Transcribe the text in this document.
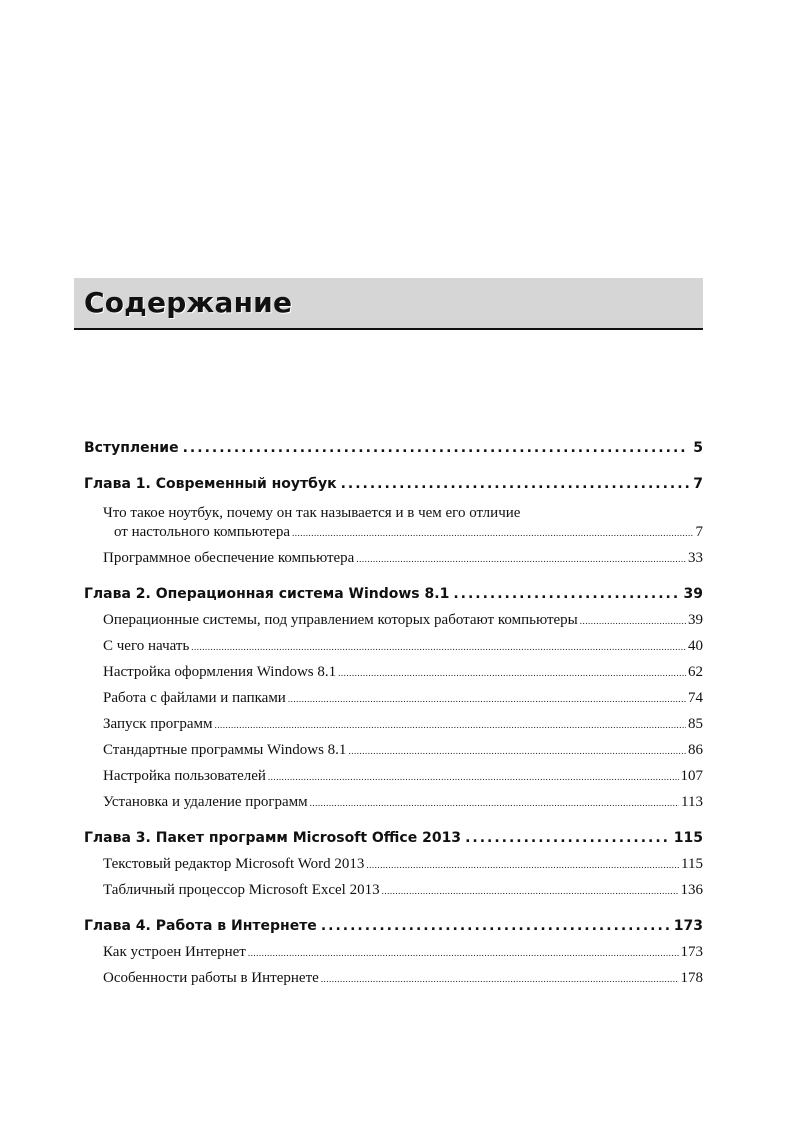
Содержание
Вступление .....	5
Глава 1. Современный ноутбук .....	7
Что такое ноутбук, почему он так называется и в чем его отличие
от настольного компьютера .....	7
Программное обеспечение компьютера .....	33
Глава 2. Операционная система Windows 8.1 .....	39
Операционные системы, под управлением которых работают компьютеры .....	39
С чего начать .....	40
Настройка оформления Windows 8.1 .....	62
Работа с файлами и папками .....	74
Запуск программ .....	85
Стандартные программы Windows 8.1 .....	86
Настройка пользователей .....	107
Установка и удаление программ .....	113
Глава 3. Пакет программ Microsoft Office 2013 .....	115
Текстовый редактор Microsoft Word 2013 .....	115
Табличный процессор Microsoft Excel 2013 .....	136
Глава 4. Работа в Интернете .....	173
Как устроен Интернет .....	173
Особенности работы в Интернете .....	178
